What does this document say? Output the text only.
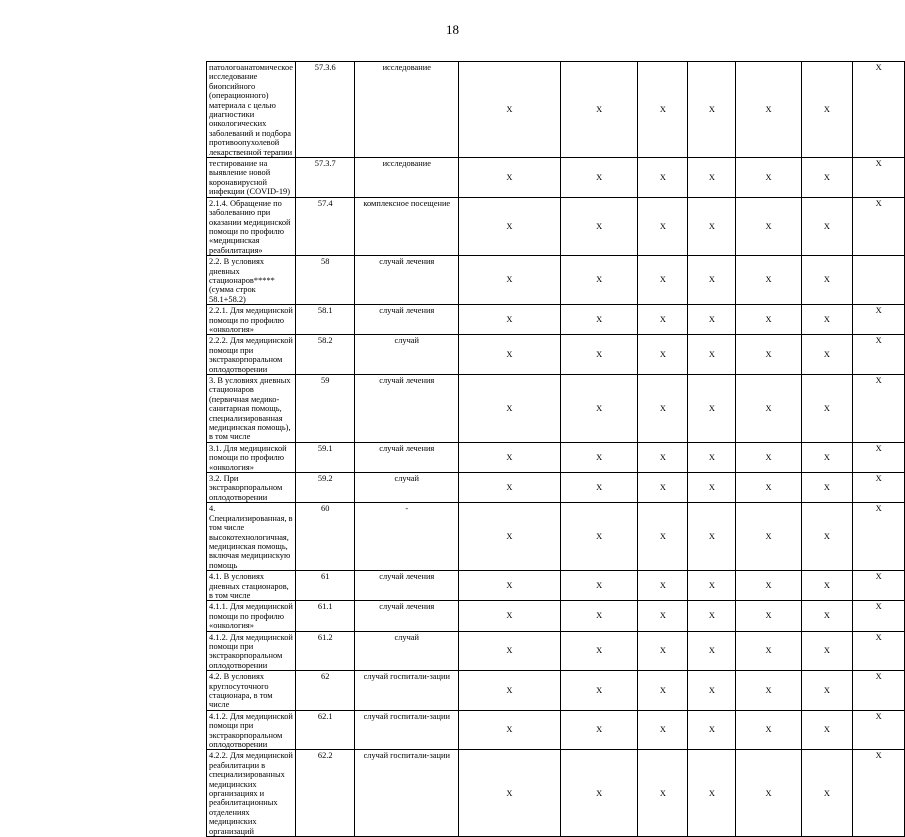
18
патологоанатомическое исследование биопсийного (операционного) материала с целью диагностики онкологических заболеваний и подбора противоопухолевой лекарственной терапии	57.3.6	исследование	X	X	X	X	X	X	X
тестирование на выявление новой коронавирусной инфекции (COVID-19)	57.3.7	исследование	X	X	X	X	X	X	X
2.1.4. Обращение по заболеванию при оказании медицинской помощи по профилю «медицинская реабилитация»	57.4	комплексное посещение	X	X	X	X	X	X	X
2.2. В условиях дневных стационаров***** (сумма строк 58.1+58.2)	58	случай лечения	X	X	X	X	X	X	
2.2.1. Для медицинской помощи по профилю «онкология»	58.1	случай лечения	X	X	X	X	X	X	X
2.2.2. Для медицинской помощи при экстракорпоральном оплодотворении	58.2	случай	X	X	X	X	X	X	X
3. В условиях дневных стационаров (первичная медико-санитарная помощь, специализированная медицинская помощь), в том числе	59	случай лечения	X	X	X	X	X	X	X
3.1. Для медицинской помощи по профилю «онкология»	59.1	случай лечения	X	X	X	X	X	X	X
3.2. При экстракорпоральном оплодотворении	59.2	случай	X	X	X	X	X	X	X
4. Специализированная, в том числе высокотехнологичная, медицинская помощь, включая медицинскую помощь	60	-	X	X	X	X	X	X	X
4.1. В условиях дневных стационаров, в том числе	61	случай лечения	X	X	X	X	X	X	X
4.1.1. Для медицинской помощи по профилю «онкология»	61.1	случай лечения	X	X	X	X	X	X	X
4.1.2. Для медицинской помощи при экстракорпоральном оплодотворении	61.2	случай	X	X	X	X	X	X	X
4.2. В условиях круглосуточного стационара, в том числе	62	случай госпитали-зации	X	X	X	X	X	X	X
4.1.2. Для медицинской помощи при экстракорпоральном оплодотворении	62.1	случай госпитали-зации	X	X	X	X	X	X	X
4.2.2. Для медицинской реабилитации в специализированных медицинских организациях и реабилитационных отделениях медицинских организаций	62.2	случай госпитали-зации	X	X	X	X	X	X	X
